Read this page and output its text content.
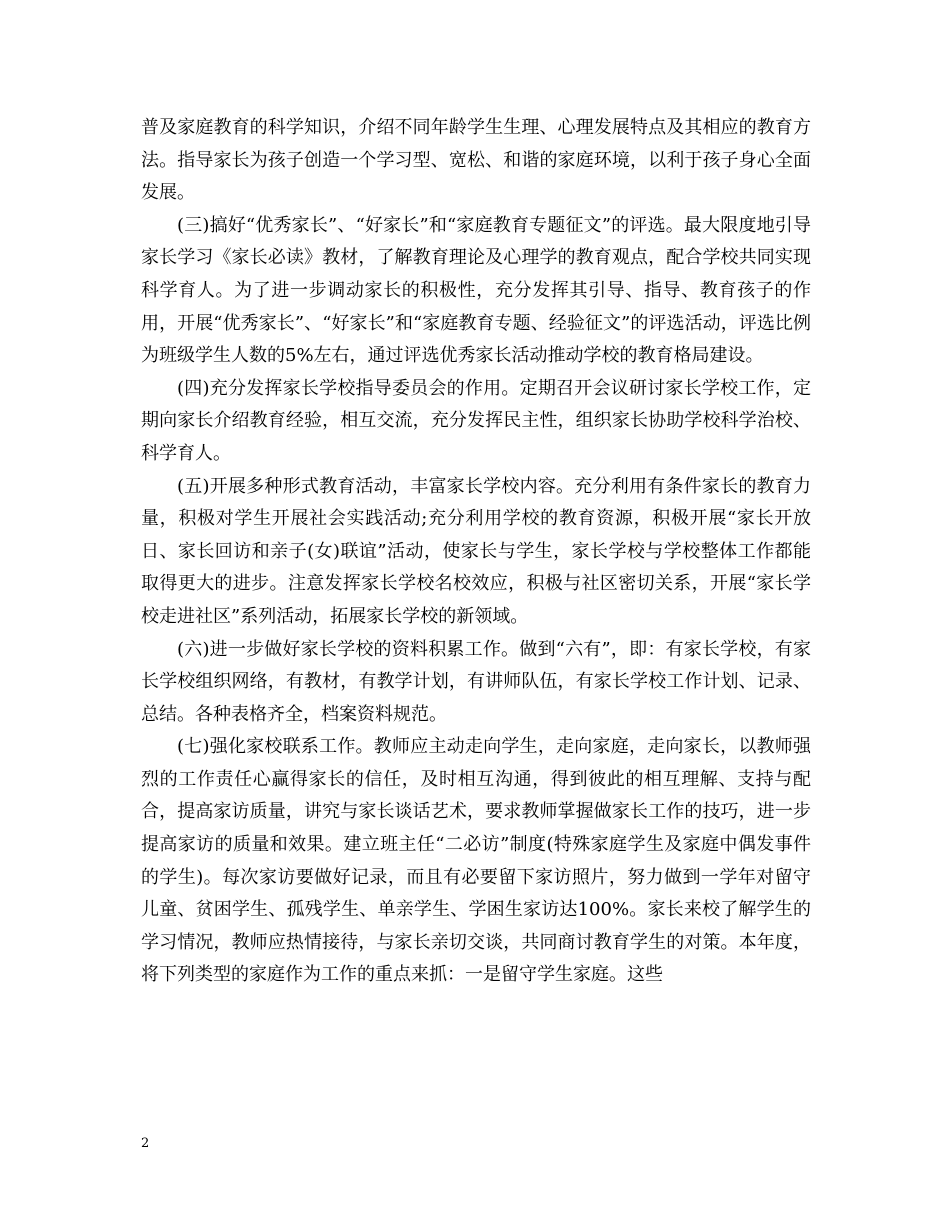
普及家庭教育的科学知识，介绍不同年龄学生生理、心理发展特点及其相应的教育方法。指导家长为孩子创造一个学习型、宽松、和谐的家庭环境，以利于孩子身心全面发展。

(三)搞好“优秀家长”、“好家长”和“家庭教育专题征文”的评选。最大限度地引导家长学习《家长必读》教材，了解教育理论及心理学的教育观点，配合学校共同实现科学育人。为了进一步调动家长的积极性，充分发挥其引导、指导、教育孩子的作用，开展“优秀家长”、“好家长”和“家庭教育专题、经验征文”的评选活动，评选比例为班级学生人数的5%左右，通过评选优秀家长活动推动学校的教育格局建设。

(四)充分发挥家长学校指导委员会的作用。定期召开会议研讨家长学校工作，定期向家长介绍教育经验，相互交流，充分发挥民主性，组织家长协助学校科学治校、科学育人。

(五)开展多种形式教育活动，丰富家长学校内容。充分利用有条件家长的教育力量，积极对学生开展社会实践活动;充分利用学校的教育资源，积极开展“家长开放日、家长回访和亲子(女)联谊”活动，使家长与学生，家长学校与学校整体工作都能取得更大的进步。注意发挥家长学校名校效应，积极与社区密切关系，开展“家长学校走进社区”系列活动，拓展家长学校的新领域。

(六)进一步做好家长学校的资料积累工作。做到“六有”，即：有家长学校，有家长学校组织网络，有教材，有教学计划，有讲师队伍，有家长学校工作计划、记录、总结。各种表格齐全，档案资料规范。

(七)强化家校联系工作。教师应主动走向学生，走向家庭，走向家长，以教师强烈的工作责任心赢得家长的信任，及时相互沟通，得到彼此的相互理解、支持与配合，提高家访质量，讲究与家长谈话艺术，要求教师掌握做家长工作的技巧，进一步提高家访的质量和效果。建立班主任“二必访”制度(特殊家庭学生及家庭中偶发事件的学生)。每次家访要做好记录，而且有必要留下家访照片，努力做到一学年对留守儿童、贫困学生、孤残学生、单亲学生、学困生家访达100%。家长来校了解学生的学习情况，教师应热情接待，与家长亲切交谈，共同商讨教育学生的对策。本年度，将下列类型的家庭作为工作的重点来抓：一是留守学生家庭。这些

2
